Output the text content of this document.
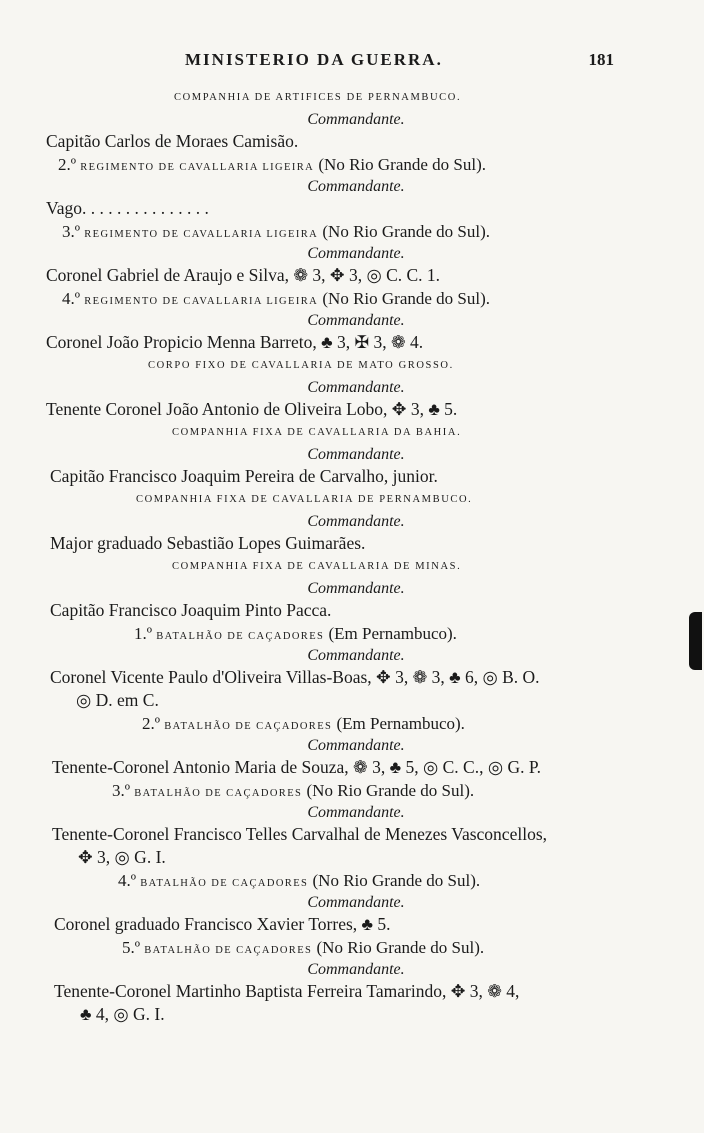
MINISTERIO DA GUERRA.	181
COMPANHIA DE ARTIFICES DE PERNAMBUCO.
Commandante.
Capitão Carlos de Moraes Camisão.
2.º REGIMENTO DE CAVALLARIA LIGEIRA (No Rio Grande do Sul).
Commandante.
Vago. . . . . . . . . . . . . . .
3.º REGIMENTO DE CAVALLARIA LIGEIRA (No Rio Grande do Sul).
Commandante.
Coronel Gabriel de Araujo e Silva, ❁ 3, ✥ 3, ◎ C. C. 1.
4.º REGIMENTO DE CAVALLARIA LIGEIRA (No Rio Grande do Sul).
Commandante.
Coronel João Propicio Menna Barreto, ♣ 3, ✠ 3, ❁ 4.
CORPO FIXO DE CAVALLARIA DE MATO GROSSO.
Commandante.
Tenente Coronel João Antonio de Oliveira Lobo, ✥ 3, ♣ 5.
COMPANHIA FIXA DE CAVALLARIA DA BAHIA.
Commandante.
Capitão Francisco Joaquim Pereira de Carvalho, junior.
COMPANHIA FIXA DE CAVALLARIA DE PERNAMBUCO.
Commandante.
Major graduado Sebastião Lopes Guimarães.
COMPANHIA FIXA DE CAVALLARIA DE MINAS.
Commandante.
Capitão Francisco Joaquim Pinto Pacca.
1.º BATALHÃO DE CAÇADORES (Em Pernambuco).
Commandante.
Coronel Vicente Paulo d'Oliveira Villas-Boas, ✥ 3, ❁ 3, ♣ 6, ◎ B. O.
◎ D. em C.
2.º BATALHÃO DE CAÇADORES (Em Pernambuco).
Commandante.
Tenente-Coronel Antonio Maria de Souza, ❁ 3, ♣ 5, ◎ C. C., ◎ G. P.
3.º BATALHÃO DE CAÇADORES (No Rio Grande do Sul).
Commandante.
Tenente-Coronel Francisco Telles Carvalhal de Menezes Vasconcellos,
✥ 3, ◎ G. I.
4.º BATALHÃO DE CAÇADORES (No Rio Grande do Sul).
Commandante.
Coronel graduado Francisco Xavier Torres, ♣ 5.
5.º BATALHÃO DE CAÇADORES (No Rio Grande do Sul).
Commandante.
Tenente-Coronel Martinho Baptista Ferreira Tamarindo, ✥ 3, ❁ 4,
♣ 4, ◎ G. I.
